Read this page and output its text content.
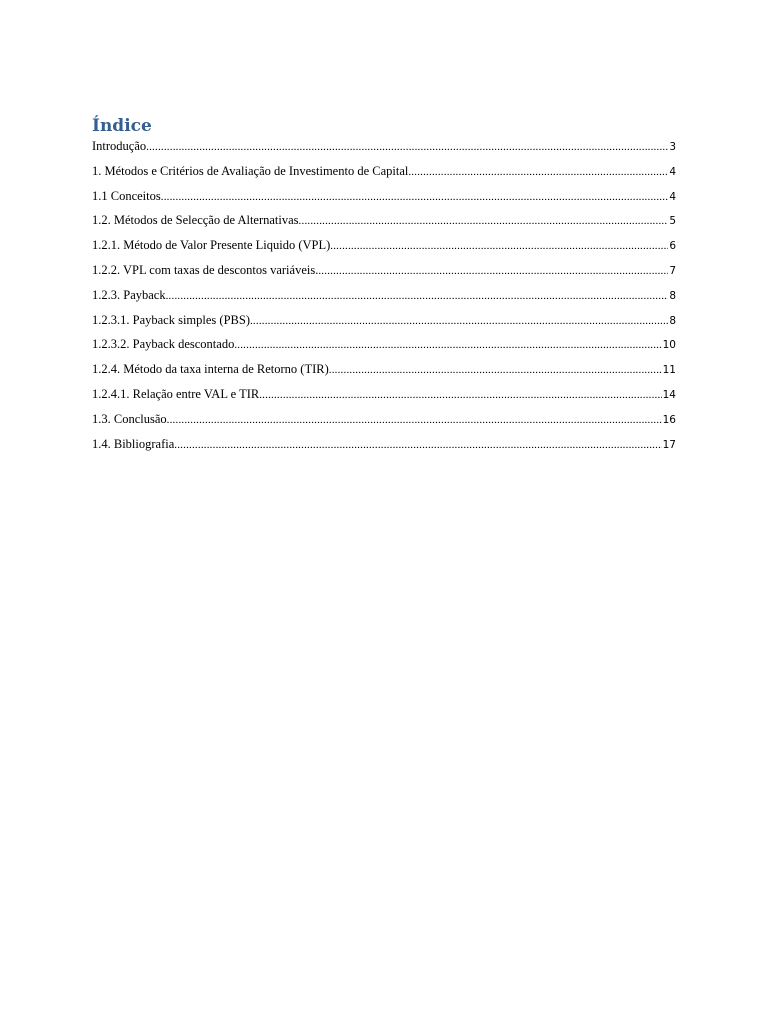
Índice
Introdução .....	3
1. Métodos e Critérios de Avaliação de Investimento de Capital .....	4
1.1 Conceitos .....	4
1.2. Métodos de Selecção de Alternativas .....	5
1.2.1. Método de Valor Presente Liquido (VPL) .....	6
1.2.2. VPL com taxas de descontos variáveis. .....	7
1.2.3. Payback .....	8
1.2.3.1. Payback simples (PBS) .....	8
1.2.3.2. Payback descontado .....	10
1.2.4. Método da taxa interna de Retorno (TIR) .....	11
1.2.4.1. Relação entre VAL e TIR .....	14
1.3. Conclusão .....	16
1.4. Bibliografia .....	17
